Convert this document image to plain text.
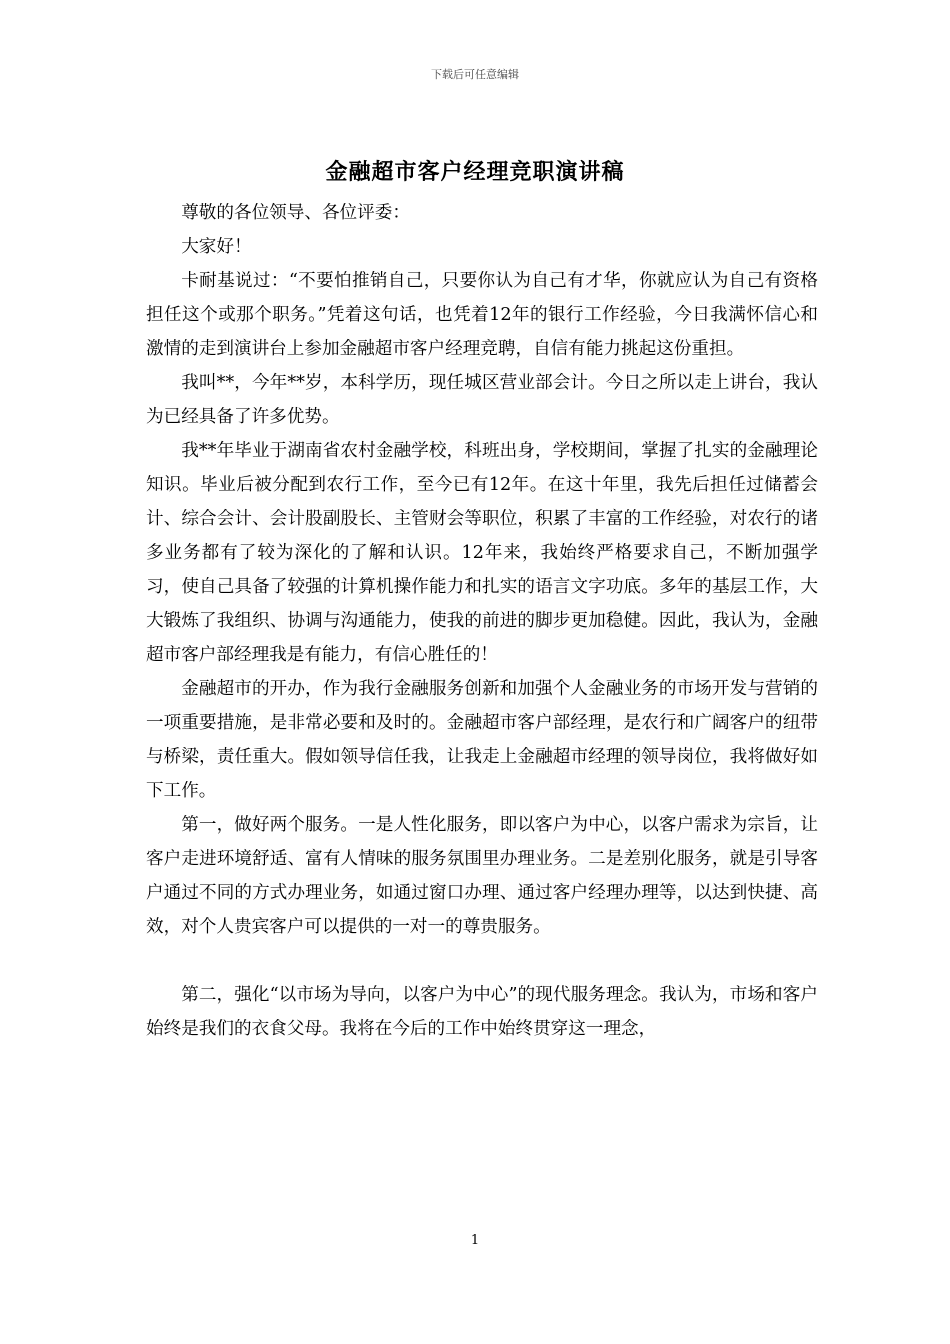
下载后可任意编辑
金融超市客户经理竞职演讲稿

尊敬的各位领导、各位评委：

大家好！

卡耐基说过：“不要怕推销自己，只要你认为自己有才华，你就应认为自己有资格担任这个或那个职务。”凭着这句话，也凭着12年的银行工作经验，今日我满怀信心和激情的走到演讲台上参加金融超市客户经理竞聘，自信有能力挑起这份重担。

我叫**，今年**岁，本科学历，现任城区营业部会计。今日之所以走上讲台，我认为已经具备了许多优势。

我**年毕业于湖南省农村金融学校，科班出身，学校期间，掌握了扎实的金融理论知识。毕业后被分配到农行工作，至今已有12年。在这十年里，我先后担任过储蓄会计、综合会计、会计股副股长、主管财会等职位，积累了丰富的工作经验，对农行的诸多业务都有了较为深化的了解和认识。12年来，我始终严格要求自己，不断加强学习，使自己具备了较强的计算机操作能力和扎实的语言文字功底。多年的基层工作，大大锻炼了我组织、协调与沟通能力，使我的前进的脚步更加稳健。因此，我认为，金融超市客户部经理我是有能力，有信心胜任的！

金融超市的开办，作为我行金融服务创新和加强个人金融业务的市场开发与营销的一项重要措施，是非常必要和及时的。金融超市客户部经理，是农行和广阔客户的纽带与桥梁，责任重大。假如领导信任我，让我走上金融超市经理的领导岗位，我将做好如下工作。

第一，做好两个服务。一是人性化服务，即以客户为中心，以客户需求为宗旨，让客户走进环境舒适、富有人情味的服务氛围里办理业务。二是差别化服务，就是引导客户通过不同的方式办理业务，如通过窗口办理、通过客户经理办理等，以达到快捷、高效，对个人贵宾客户可以提供的一对一的尊贵服务。

第二，强化“以市场为导向，以客户为中心”的现代服务理念。我认为，市场和客户始终是我们的衣食父母。我将在今后的工作中始终贯穿这一理念，

1
